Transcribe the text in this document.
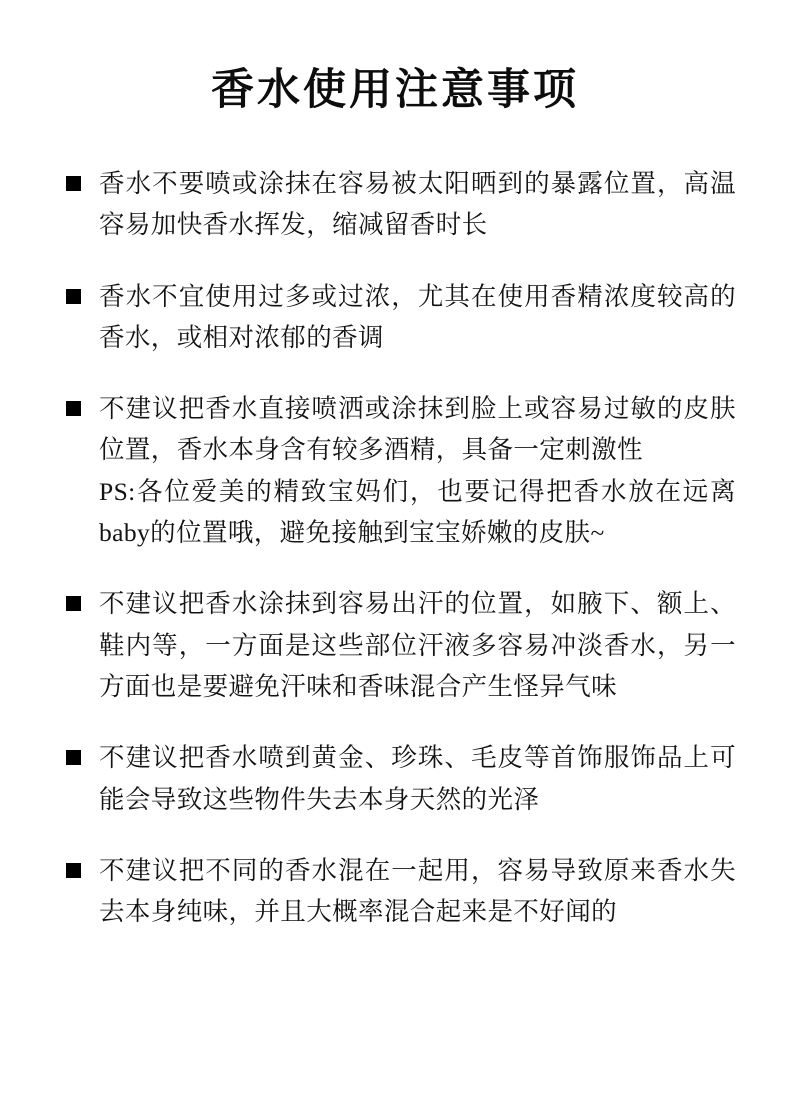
香水使用注意事项

香水不要喷或涂抹在容易被太阳晒到的暴露位置，高温容易加快香水挥发，缩减留香时长

香水不宜使用过多或过浓，尤其在使用香精浓度较高的香水，或相对浓郁的香调

不建议把香水直接喷洒或涂抹到脸上或容易过敏的皮肤位置，香水本身含有较多酒精，具备一定刺激性

PS:各位爱美的精致宝妈们，也要记得把香水放在远离baby的位置哦，避免接触到宝宝娇嫩的皮肤~

不建议把香水涂抹到容易出汗的位置，如腋下、额上、鞋内等，一方面是这些部位汗液多容易冲淡香水，另一方面也是要避免汗味和香味混合产生怪异气味

不建议把香水喷到黄金、珍珠、毛皮等首饰服饰品上可能会导致这些物件失去本身天然的光泽

不建议把不同的香水混在一起用，容易导致原来香水失去本身纯味，并且大概率混合起来是不好闻的
